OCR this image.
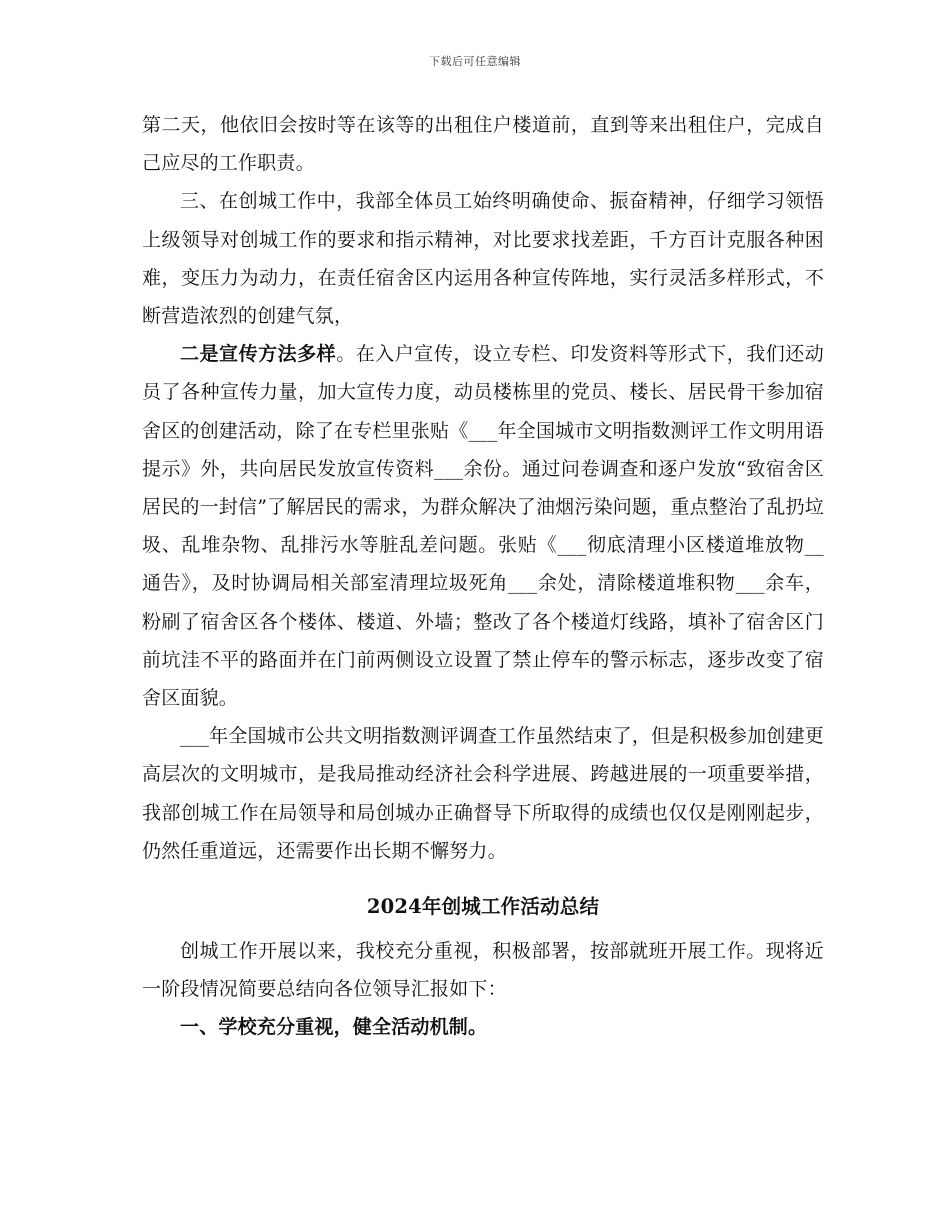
下载后可任意编辑

第二天，他依旧会按时等在该等的出租住户楼道前，直到等来出租住户，完成自己应尽的工作职责。

三、在创城工作中，我部全体员工始终明确使命、振奋精神，仔细学习领悟上级领导对创城工作的要求和指示精神，对比要求找差距，千方百计克服各种困难，变压力为动力，在责任宿舍区内运用各种宣传阵地，实行灵活多样形式，不断营造浓烈的创建气氛，

二是宣传方法多样。在入户宣传，设立专栏、印发资料等形式下，我们还动员了各种宣传力量，加大宣传力度，动员楼栋里的党员、楼长、居民骨干参加宿舍区的创建活动，除了在专栏里张贴《___年全国城市文明指数测评工作文明用语提示》外，共向居民发放宣传资料___余份。通过问卷调查和逐户发放“致宿舍区居民的一封信”了解居民的需求，为群众解决了油烟污染问题，重点整治了乱扔垃圾、乱堆杂物、乱排污水等脏乱差问题。张贴《___彻底清理小区楼道堆放物__通告》，及时协调局相关部室清理垃圾死角___余处，清除楼道堆积物___余车，粉刷了宿舍区各个楼体、楼道、外墙；整改了各个楼道灯线路，填补了宿舍区门前坑洼不平的路面并在门前两侧设立设置了禁止停车的警示标志，逐步改变了宿舍区面貌。

___年全国城市公共文明指数测评调查工作虽然结束了，但是积极参加创建更高层次的文明城市，是我局推动经济社会科学进展、跨越进展的一项重要举措，我部创城工作在局领导和局创城办正确督导下所取得的成绩也仅仅是刚刚起步，仍然任重道远，还需要作出长期不懈努力。

2024年创城工作活动总结

创城工作开展以来，我校充分重视，积极部署，按部就班开展工作。现将近一阶段情况简要总结向各位领导汇报如下：

一、学校充分重视，健全活动机制。
